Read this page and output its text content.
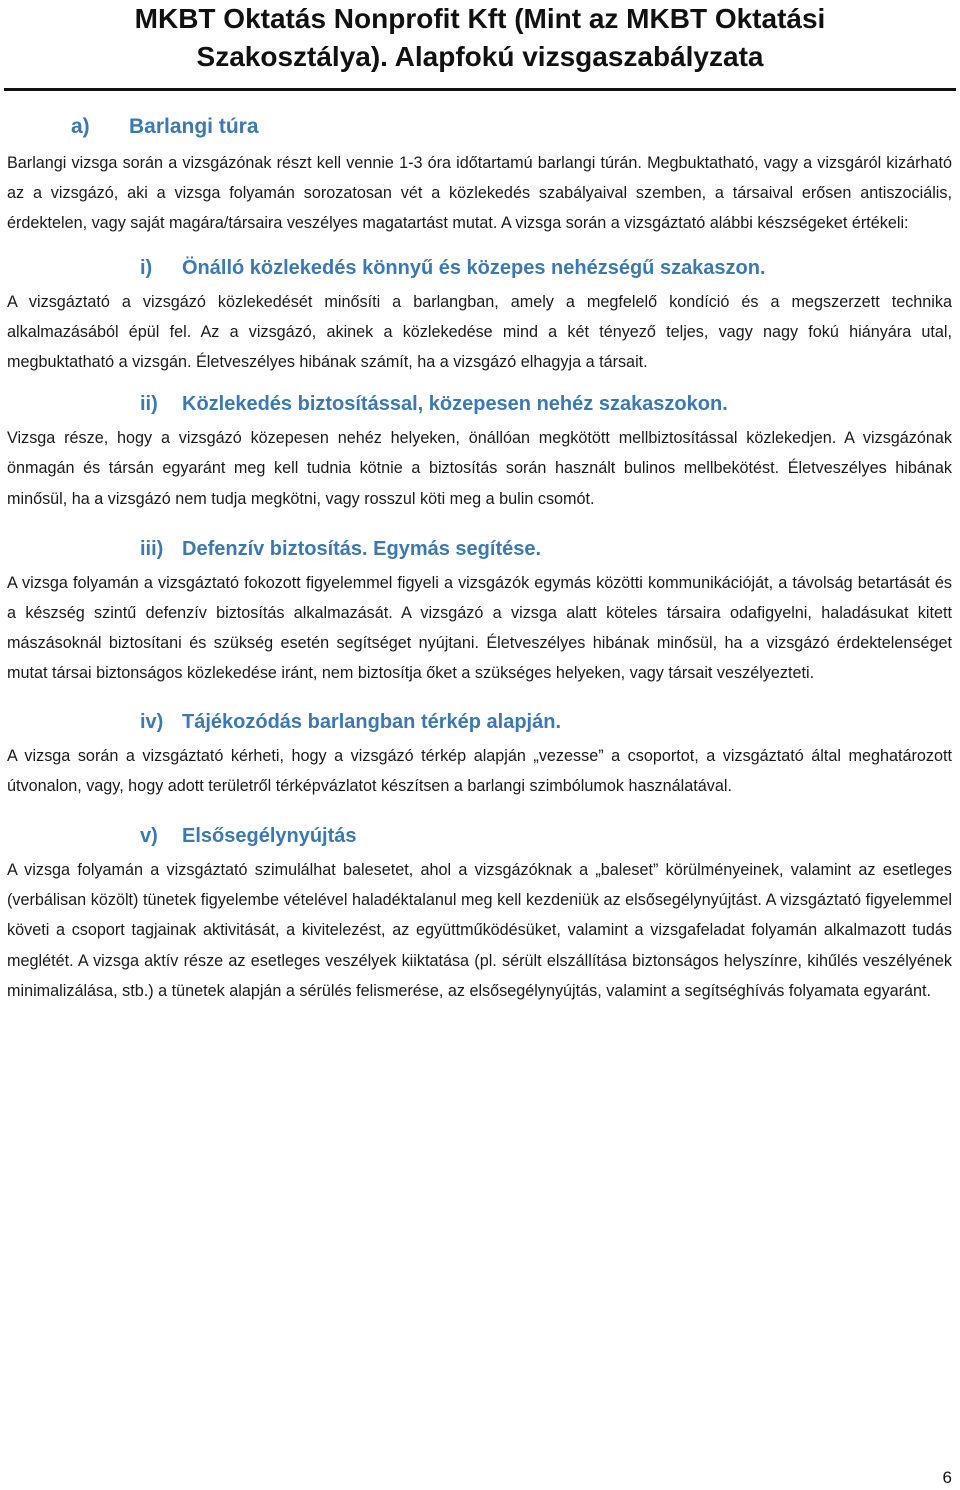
MKBT Oktatás Nonprofit Kft (Mint az MKBT Oktatási
Szakosztálya). Alapfokú vizsgaszabályzata
a) Barlangi túra

Barlangi vizsga során a vizsgázónak részt kell vennie 1-3 óra időtartamú barlangi túrán. Megbuktatható, vagy a vizsgáról kizárható az a vizsgázó, aki a vizsga folyamán sorozatosan vét a közlekedés szabályaival szemben, a társaival erősen antiszociális, érdektelen, vagy saját magára/társaira veszélyes magatartást mutat. A vizsga során a vizsgáztató alábbi készségeket értékeli:

i) Önálló közlekedés könnyű és közepes nehézségű szakaszon.

A vizsgáztató a vizsgázó közlekedését minősíti a barlangban, amely a megfelelő kondíció és a megszerzett technika alkalmazásából épül fel. Az a vizsgázó, akinek a közlekedése mind a két tényező teljes, vagy nagy fokú hiányára utal, megbuktatható a vizsgán. Életveszélyes hibának számít, ha a vizsgázó elhagyja a társait.

ii) Közlekedés biztosítással, közepesen nehéz szakaszokon.

Vizsga része, hogy a vizsgázó közepesen nehéz helyeken, önállóan megkötött mellbiztosítással közlekedjen. A vizsgázónak önmagán és társán egyaránt meg kell tudnia kötnie a biztosítás során használt bulinos mellbekötést. Életveszélyes hibának minősül, ha a vizsgázó nem tudja megkötni, vagy rosszul köti meg a bulin csomót.

iii) Defenzív biztosítás. Egymás segítése.

A vizsga folyamán a vizsgáztató fokozott figyelemmel figyeli a vizsgázók egymás közötti kommunikációját, a távolság betartását és a készség szintű defenzív biztosítás alkalmazását. A vizsgázó a vizsga alatt köteles társaira odafigyelni, haladásukat kitett mászásoknál biztosítani és szükség esetén segítséget nyújtani. Életveszélyes hibának minősül, ha a vizsgázó érdektelenséget mutat társai biztonságos közlekedése iránt, nem biztosítja őket a szükséges helyeken, vagy társait veszélyezteti.

iv) Tájékozódás barlangban térkép alapján.

A vizsga során a vizsgáztató kérheti, hogy a vizsgázó térkép alapján „vezesse” a csoportot, a vizsgáztató által meghatározott útvonalon, vagy, hogy adott területről térképvázlatot készítsen a barlangi szimbólumok használatával.

v) Elsősegélynyújtás

A vizsga folyamán a vizsgáztató szimulálhat balesetet, ahol a vizsgázóknak a „baleset” körülményeinek, valamint az esetleges (verbálisan közölt) tünetek figyelembe vételével haladéktalanul meg kell kezdeniük az elsősegélynyújtást. A vizsgáztató figyelemmel követi a csoport tagjainak aktivitását, a kivitelezést, az együttműködésüket, valamint a vizsgafeladat folyamán alkalmazott tudás meglétét. A vizsga aktív része az esetleges veszélyek kiiktatása (pl. sérült elszállítása biztonságos helyszínre, kihűlés veszélyének minimalizálása, stb.) a tünetek alapján a sérülés felismerése, az elsősegélynyújtás, valamint a segítséghívás folyamata egyaránt.

6
